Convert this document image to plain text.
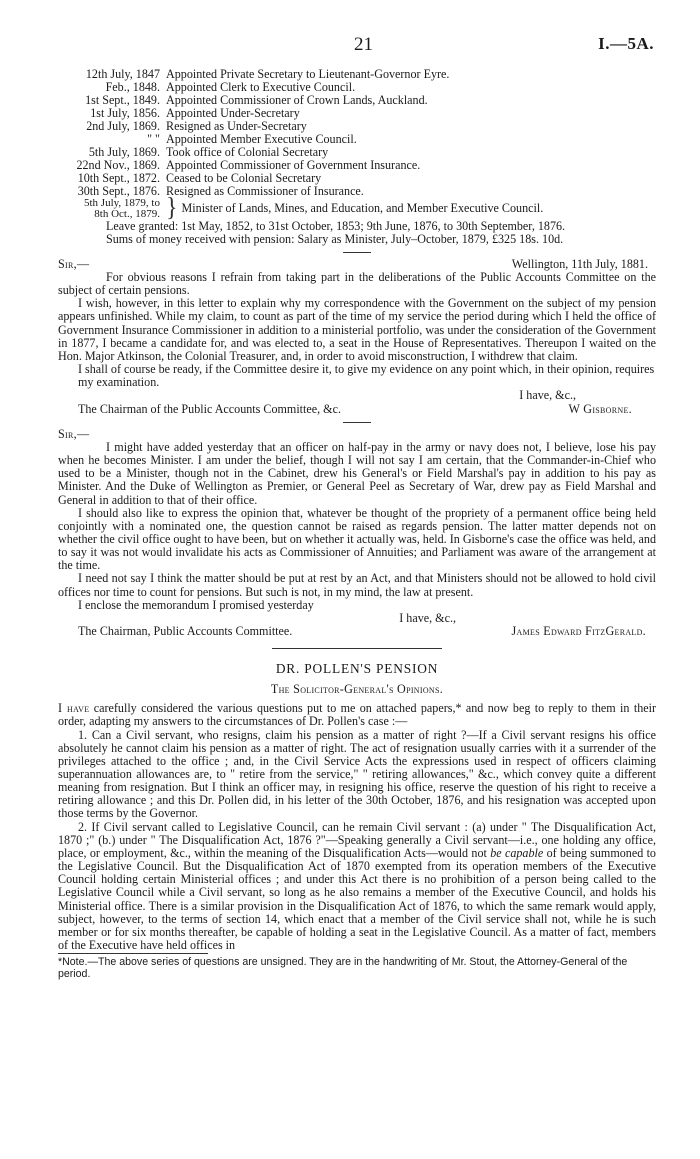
21	I.—5A.
12th July, 1847 Appointed Private Secretary to Lieutenant-Governor Eyre.
Feb., 1848. Appointed Clerk to Executive Council.
1st Sept., 1849. Appointed Commissioner of Crown Lands, Auckland.
1st July, 1856. Appointed Under-Secretary
2nd July, 1869. Resigned as Under-Secretary
" " Appointed Member Executive Council.
5th July, 1869. Took office of Colonial Secretary
22nd Nov., 1869. Appointed Commissioner of Government Insurance.
10th Sept., 1872. Ceased to be Colonial Secretary
30th Sept., 1876. Resigned as Commissioner of Insurance.
5th July, 1879, to
8th Oct., 1879. } Minister of Lands, Mines, and Education, and Member Executive Council.

Leave granted: 1st May, 1852, to 31st October, 1853; 9th June, 1876, to 30th September, 1876.

Sums of money received with pension: Salary as Minister, July–October, 1879, £325 18s. 10d.

Sir,—	Wellington, 11th July, 1881.

For obvious reasons I refrain from taking part in the deliberations of the Public Accounts Committee on the subject of certain pensions.

I wish, however, in this letter to explain why my correspondence with the Government on the subject of my pension appears unfinished. While my claim, to count as part of the time of my service the period during which I held the office of Government Insurance Commissioner in addition to a ministerial portfolio, was under the consideration of the Government in 1877, I became a candidate for, and was elected to, a seat in the House of Representatives. Thereupon I waited on the Hon. Major Atkinson, the Colonial Treasurer, and, in order to avoid misconstruction, I withdrew that claim.

I shall of course be ready, if the Committee desire it, to give my evidence on any point which, in their opinion, requires my examination.
I have, &c.,
The Chairman of the Public Accounts Committee, &c.	W Gisborne.
Sir,—

I might have added yesterday that an officer on half-pay in the army or navy does not, I believe, lose his pay when he becomes Minister. I am under the belief, though I will not say I am certain, that the Commander-in-Chief who used to be a Minister, though not in the Cabinet, drew his General's or Field Marshal's pay in addition to his pay as Minister. And the Duke of Wellington as Premier, or General Peel as Secretary of War, drew pay as Field Marshal and General in addition to that of their office.

I should also like to express the opinion that, whatever be thought of the propriety of a permanent office being held conjointly with a nominated one, the question cannot be raised as regards pension. The latter matter depends not on whether the civil office ought to have been, but on whether it actually was, held. In Gisborne's case the office was held, and to say it was not would invalidate his acts as Commissioner of Annuities; and Parliament was aware of the arrangement at the time.

I need not say I think the matter should be put at rest by an Act, and that Ministers should not be allowed to hold civil offices nor time to count for pensions. But such is not, in my mind, the law at present.

I enclose the memorandum I promised yesterday

I have, &c.,
The Chairman, Public Accounts Committee.	James Edward FitzGerald.
DR. POLLEN'S PENSION
The Solicitor-General's Opinions.

I have carefully considered the various questions put to me on attached papers,* and now beg to reply to them in their order, adapting my answers to the circumstances of Dr. Pollen's case :—

1. Can a Civil servant, who resigns, claim his pension as a matter of right ?—If a Civil servant resigns his office absolutely he cannot claim his pension as a matter of right. The act of resignation usually carries with it a surrender of the privileges attached to the office ; and, in the Civil Service Acts the expressions used in respect of officers claiming superannuation allowances are, to " retire from the service," " retiring allowances," &c., which convey quite a different meaning from resignation. But I think an officer may, in resigning his office, reserve the question of his right to receive a retiring allowance ; and this Dr. Pollen did, in his letter of the 30th October, 1876, and his resignation was accepted upon those terms by the Governor.

2. If Civil servant called to Legislative Council, can he remain Civil servant : (a) under " The Disqualification Act, 1870 ;" (b.) under " The Disqualification Act, 1876 ?"—Speaking generally a Civil servant—i.e., one holding any office, place, or employment, &c., within the meaning of the Disqualification Acts—would not be capable of being summoned to the Legislative Council. But the Disqualification Act of 1870 exempted from its operation members of the Executive Council holding certain Ministerial offices ; and under this Act there is no prohibition of a person being called to the Legislative Council while a Civil servant, so long as he also remains a member of the Executive Council, and holds his Ministerial office. There is a similar provision in the Disqualification Act of 1876, to which the same remark would apply, subject, however, to the terms of section 14, which enact that a member of the Civil service shall not, while he is such member or for six months thereafter, be capable of holding a seat in the Legislative Council. As a matter of fact, members of the Executive have held offices in

*Note.—The above series of questions are unsigned. They are in the handwriting of Mr. Stout, the Attorney-General of the period.
